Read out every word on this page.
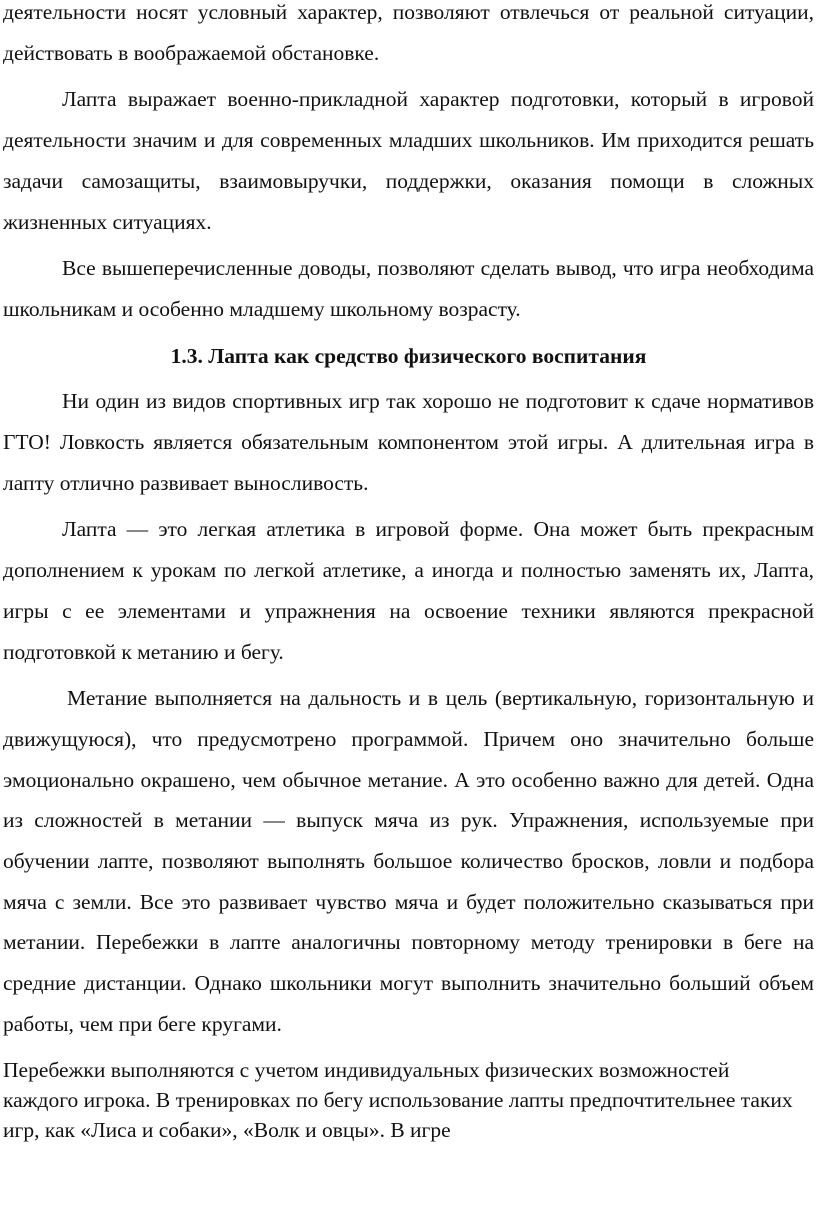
деятельности носят условный характер, позволяют отвлечься от реальной ситуации, действовать в воображаемой обстановке.

Лапта выражает военно-прикладной характер подготовки, который в игровой деятельности значим и для современных младших школьников. Им приходится решать задачи самозащиты, взаимовыручки, поддержки, оказания помощи в сложных жизненных ситуациях.

Все вышеперечисленные доводы, позволяют сделать вывод, что игра необходима школьникам и особенно младшему школьному возрасту.

1.3. Лапта как средство физического воспитания

Ни один из видов спортивных игр так хорошо не подготовит к сдаче нормативов ГТО! Ловкость является обязательным компонентом этой игры. А длительная игра в лапту отлично развивает выносливость.

Лапта — это легкая атлетика в игровой форме. Она может быть прекрасным дополнением к урокам по легкой атлетике, а иногда и полностью заменять их, Лапта, игры с ее элементами и упражнения на освоение техники являются прекрасной подготовкой к метанию и бегу.

Метание выполняется на дальность и в цель (вертикальную, горизонтальную и движущуюся), что предусмотрено программой. Причем оно значительно больше эмоционально окрашено, чем обычное метание. А это особенно важно для детей. Одна из сложностей в метании — выпуск мяча из рук. Упражнения, используемые при обучении лапте, позволяют выполнять большое количество бросков, ловли и подбора мяча с земли. Все это развивает чувство мяча и будет положительно сказываться при метании. Перебежки в лапте аналогичны повторному методу тренировки в беге на средние дистанции. Однако школьники могут выполнить значительно больший объем работы, чем при беге кругами.

Перебежки выполняются с учетом индивидуальных физических возможностей каждого игрока. В тренировках по бегу использование лапты предпочтительнее таких игр, как «Лиса и собаки», «Волк и овцы». В игре
